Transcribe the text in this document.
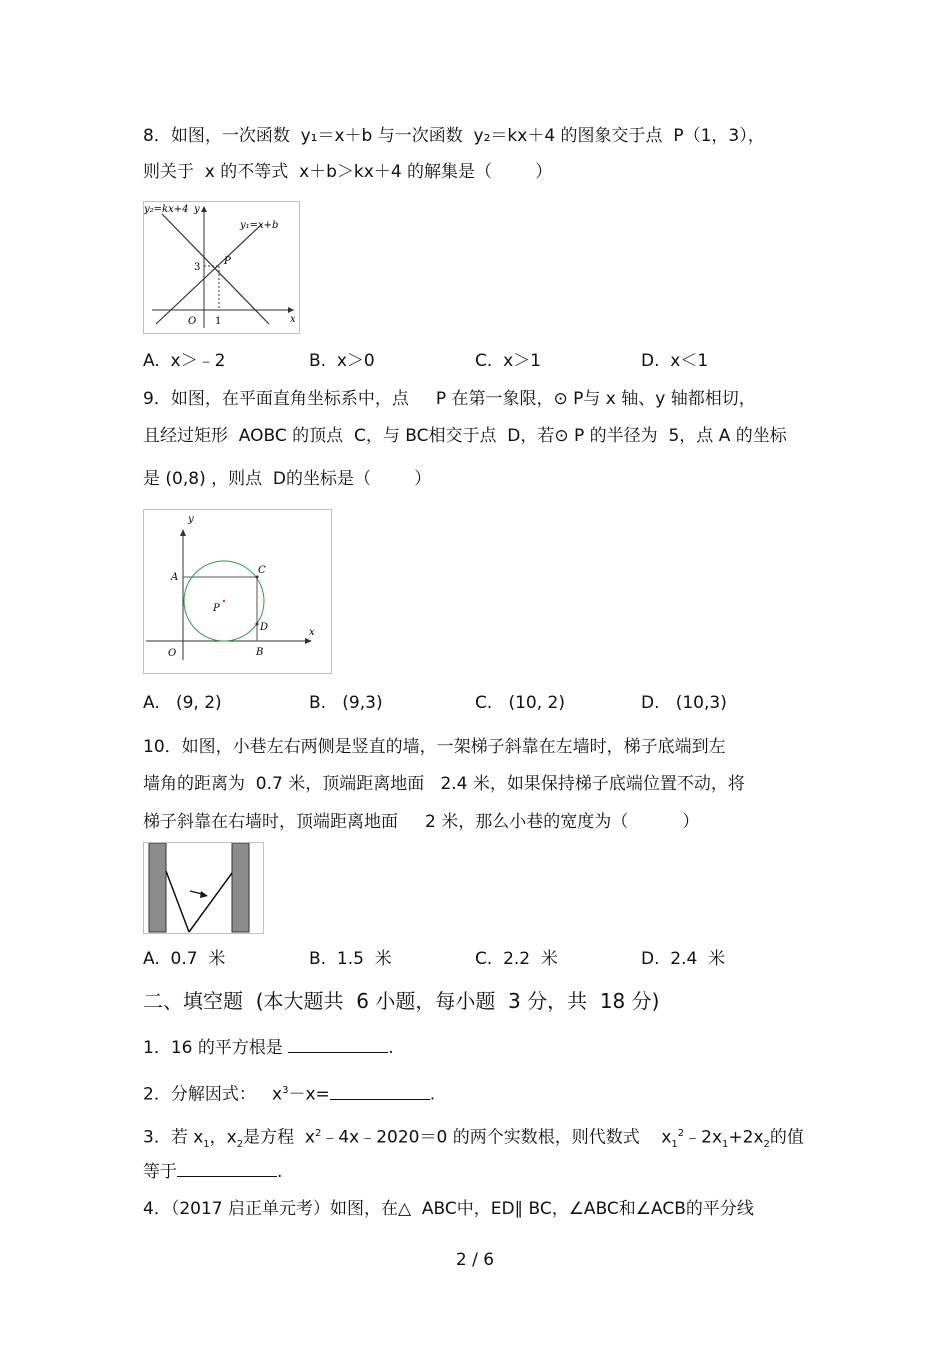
8．如图，一次函数  y₁＝x＋b 与一次函数  y₂＝kx＋4 的图象交于点  P（1，3），
则关于  x 的不等式  x＋b＞kx＋4 的解集是（        ）
y₂=kx+4 y
y₁=x+b
P
3
O 1	x
A.  x＞﹣2	B.  x＞0	C.  x＞1	D.  x＜1
9．如图，在平面直角坐标系中，点     P 在第一象限，⊙ P与 x 轴、y 轴都相切，
且经过矩形  AOBC 的顶点  C，与 BC相交于点  D，若⊙ P 的半径为  5，点 A 的坐标
是 (0,8) ，则点  D的坐标是（        ）
y
A
C
P
D	x
O	B
A.   (9, 2)	B.   (9,3)	C.   (10, 2)	D.   (10,3)
10．如图，小巷左右两侧是竖直的墙，一架梯子斜靠在左墙时，梯子底端到左
墙角的距离为  0.7 米，顶端距离地面   2.4 米，如果保持梯子底端位置不动，将
梯子斜靠在右墙时，顶端距离地面     2 米，那么小巷的宽度为（          ）
A.  0.7  米	B.  1.5  米	C.  2.2  米	D.  2.4  米
二、填空题  (本大题共  6 小题，每小题  3 分，共  18 分)
1．16 的平方根是	.
2．分解因式：   $x^3-x=$	.
3．若 $x_1$，$x_2$是方程  $x^2﹣4x﹣2020=0$ 的两个实数根，则代数式    $x_1^2﹣2x_1+2x_2$的值
等于	.
4．（2017 启正单元考）如图，在△  ABC中，ED∥ BC，∠ABC和∠ACB的平分线
2 / 6
